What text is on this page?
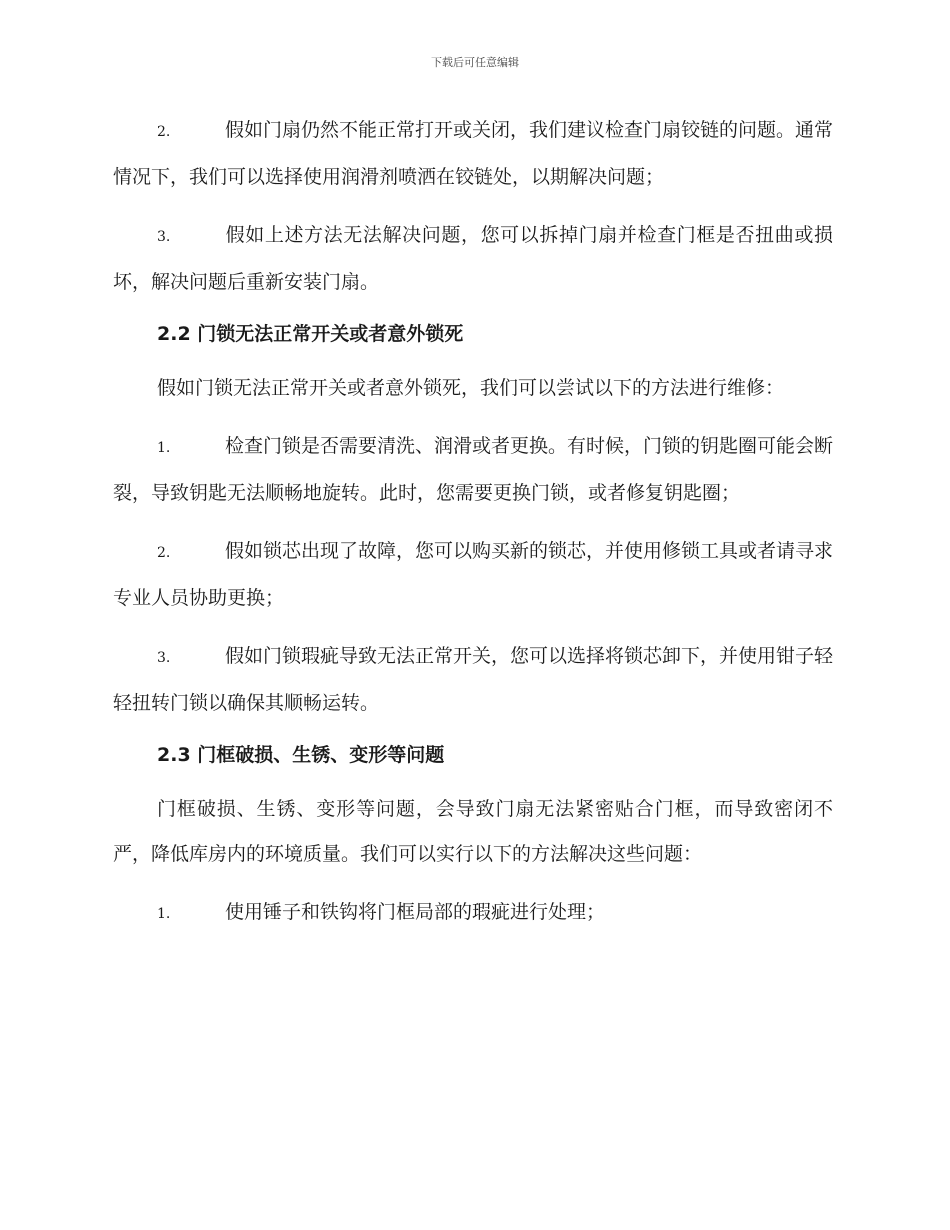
下载后可任意编辑
2.	假如门扇仍然不能正常打开或关闭，我们建议检查门扇铰链的问题。通常情况下，我们可以选择使用润滑剂喷洒在铰链处，以期解决问题；
3.	假如上述方法无法解决问题，您可以拆掉门扇并检查门框是否扭曲或损坏，解决问题后重新安装门扇。
2.2 门锁无法正常开关或者意外锁死
假如门锁无法正常开关或者意外锁死，我们可以尝试以下的方法进行维修：
1.	检查门锁是否需要清洗、润滑或者更换。有时候，门锁的钥匙圈可能会断裂，导致钥匙无法顺畅地旋转。此时，您需要更换门锁，或者修复钥匙圈；
2.	假如锁芯出现了故障，您可以购买新的锁芯，并使用修锁工具或者请寻求专业人员协助更换；
3.	假如门锁瑕疵导致无法正常开关，您可以选择将锁芯卸下，并使用钳子轻轻扭转门锁以确保其顺畅运转。
2.3 门框破损、生锈、变形等问题
门框破损、生锈、变形等问题，会导致门扇无法紧密贴合门框，而导致密闭不严，降低库房内的环境质量。我们可以实行以下的方法解决这些问题：
1.	使用锤子和铁钩将门框局部的瑕疵进行处理；
